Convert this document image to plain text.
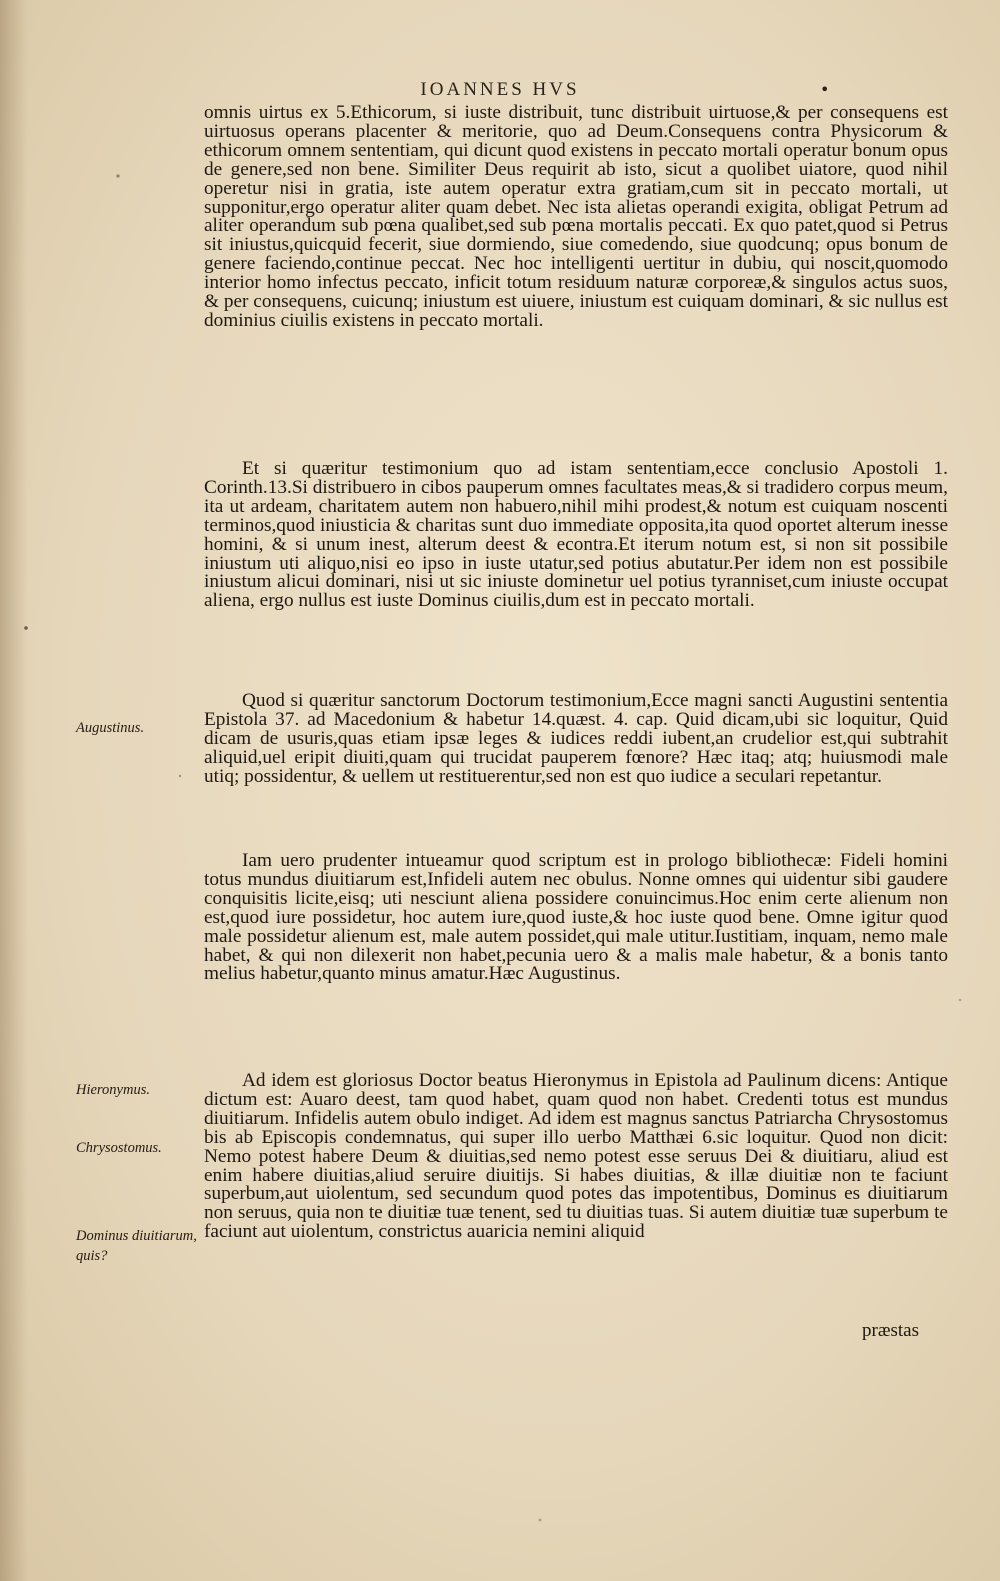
IOANNES HVS	•
omnis uirtus ex 5.Ethicorum, si iuste distribuit, tunc distribuit uirtuose,& per consequens est uirtuosus operans placenter & meritorie, quo ad Deum.Consequens contra Physicorum & ethicorum omnem sententiam, qui dicunt quod existens in peccato mortali operatur bonum opus de genere,sed non bene. Similiter Deus requirit ab isto, sicut a quolibet uiatore, quod nihil operetur nisi in gratia, iste autem operatur extra gratiam,cum sit in peccato mortali, ut supponitur,ergo operatur aliter quam debet. Nec ista alietas operandi exigita, obligat Petrum ad aliter operandum sub pœna qualibet,sed sub pœna mortalis peccati. Ex quo patet,quod si Petrus sit iniustus,quicquid fecerit, siue dormiendo, siue comedendo, siue quodcunq; opus bonum de genere faciendo,continue peccat. Nec hoc intelligenti uertitur in dubiu, qui noscit,quomodo interior homo infectus peccato, inficit totum residuum naturæ corporeæ,& singulos actus suos, & per consequens, cuicunq; iniustum est uiuere, iniustum est cuiquam dominari, & sic nullus est dominius ciuilis existens in peccato mortali.
Et si quæritur testimonium quo ad istam sententiam,ecce conclusio Apostoli 1. Corinth.13.Si distribuero in cibos pauperum omnes facultates meas,& si tradidero corpus meum, ita ut ardeam, charitatem autem non habuero,nihil mihi prodest,& notum est cuiquam noscenti terminos,quod iniusticia & charitas sunt duo immediate opposita,ita quod oportet alterum inesse homini, & si unum inest, alterum deest & econtra.Et iterum notum est, si non sit possibile iniustum uti aliquo,nisi eo ipso in iuste utatur,sed potius abutatur.Per idem non est possibile iniustum alicui dominari, nisi ut sic iniuste dominetur uel potius tyranniset,cum iniuste occupat aliena, ergo nullus est iuste Dominus ciuilis,dum est in peccato mortali.
Quod si quæritur sanctorum Doctorum testimonium,Ecce magni sancti Augustini sententia Epistola 37. ad Macedonium & habetur 14.quæst. 4. cap. Quid dicam,ubi sic loquitur, Quid dicam de usuris,quas etiam ipsæ leges & iudices reddi iubent,an crudelior est,qui subtrahit aliquid,uel eripit diuiti,quam qui trucidat pauperem fœnore? Hæc itaq; atq; huiusmodi male utiq; possidentur, & uellem ut restituerentur,sed non est quo iudice a seculari repetantur.
Iam uero prudenter intueamur quod scriptum est in prologo bibliothecæ: Fideli homini totus mundus diuitiarum est,Infideli autem nec obulus. Nonne omnes qui uidentur sibi gaudere conquisitis licite,eisq; uti nesciunt aliena possidere conuincimus.Hoc enim certe alienum non est,quod iure possidetur, hoc autem iure,quod iuste,& hoc iuste quod bene. Omne igitur quod male possidetur alienum est, male autem possidet,qui male utitur.Iustitiam, inquam, nemo male habet, & qui non dilexerit non habet,pecunia uero & a malis male habetur, & a bonis tanto melius habetur,quanto minus amatur.Hæc Augustinus.
Ad idem est gloriosus Doctor beatus Hieronymus in Epistola ad Paulinum dicens: Antique dictum est: Auaro deest, tam quod habet, quam quod non habet. Credenti totus est mundus diuitiarum. Infidelis autem obulo indiget. Ad idem est magnus sanctus Patriarcha Chrysostomus bis ab Episcopis condemnatus, qui super illo uerbo Matthæi 6.sic loquitur. Quod non dicit: Nemo potest habere Deum & diuitias,sed nemo potest esse seruus Dei & diuitiaru, aliud est enim habere diuitias,aliud seruire diuitijs. Si habes diuitias, & illæ diuitiæ non te faciunt superbum,aut uiolentum, sed secundum quod potes das impotentibus, Dominus es diuitiarum non seruus, quia non te diuitiæ tuæ tenent, sed tu diuitias tuas. Si autem diuitiæ tuæ superbum te faciunt aut uiolentum, constrictus auaricia nemini aliquid
præstas
Augustinus.
Hieronymus.
Chrysostomus.
Dominus diuitiarum, quis?
